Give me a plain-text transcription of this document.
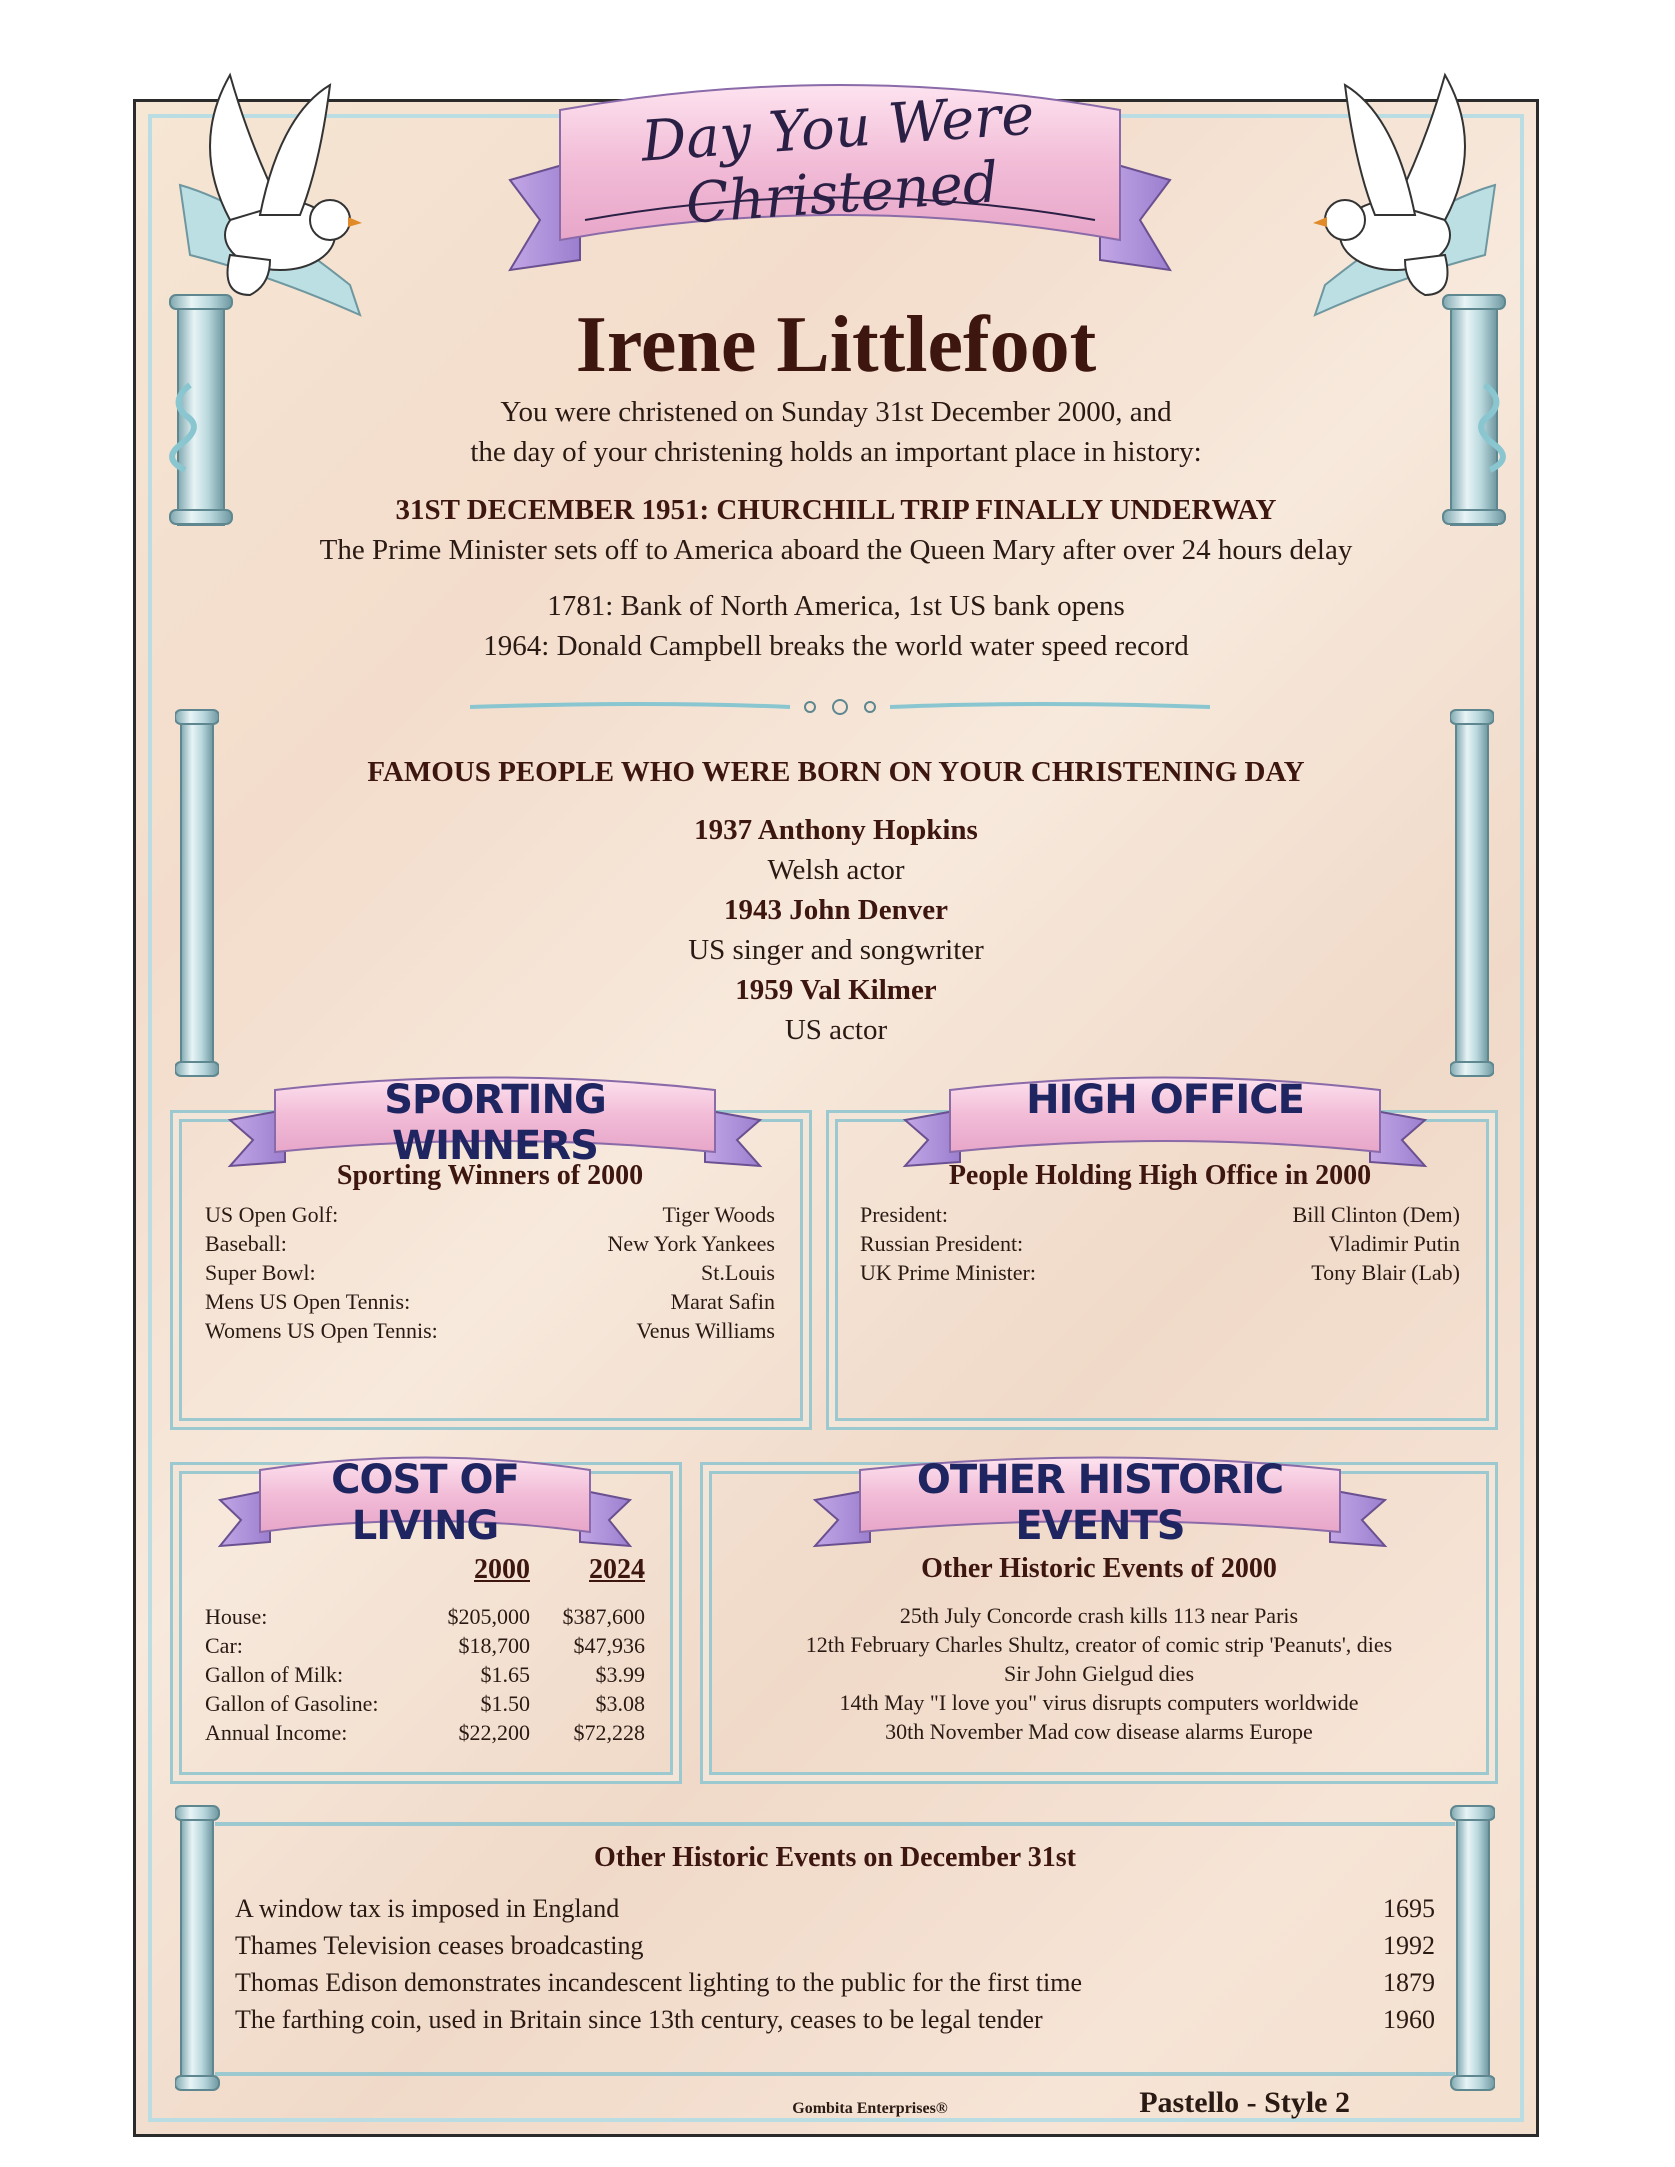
Day You Were Christened
Irene Littlefoot
You were christened on Sunday 31st December 2000, and
the day of your christening holds an important place in history:
31ST DECEMBER 1951: CHURCHILL TRIP FINALLY UNDERWAY
The Prime Minister sets off to America aboard the Queen Mary after over 24 hours delay
1781: Bank of North America, 1st US bank opens
1964: Donald Campbell breaks the world water speed record
FAMOUS PEOPLE WHO WERE BORN ON YOUR CHRISTENING DAY
1937 Anthony Hopkins
Welsh actor
1943 John Denver
US singer and songwriter
1959 Val Kilmer
US actor
SPORTING WINNERS
Sporting Winners of 2000
US Open Golf:	Tiger Woods
Baseball:	New York Yankees
Super Bowl:	St.Louis
Mens US Open Tennis:	Marat Safin
Womens US Open Tennis:	Venus Williams
HIGH OFFICE
People Holding High Office in 2000
President:	Bill Clinton (Dem)
Russian President:	Vladimir Putin
UK Prime Minister:	Tony Blair (Lab)
COST OF LIVING
	2000	2024

House:	$205,000	$387,600
Car:	$18,700	$47,936
Gallon of Milk:	$1.65	$3.99
Gallon of Gasoline:	$1.50	$3.08
Annual Income:	$22,200	$72,228
OTHER HISTORIC EVENTS
Other Historic Events of 2000
25th July Concorde crash kills 113 near Paris
12th February Charles Shultz, creator of comic strip 'Peanuts', dies
Sir John Gielgud dies
14th May "I love you" virus disrupts computers worldwide
30th November Mad cow disease alarms Europe
Other Historic Events on December 31st
A window tax is imposed in England	1695
Thames Television ceases broadcasting	1992
Thomas Edison demonstrates incandescent lighting to the public for the first time	1879
The farthing coin, used in Britain since 13th century, ceases to be legal tender	1960
Gombita Enterprises®	Pastello - Style 2
